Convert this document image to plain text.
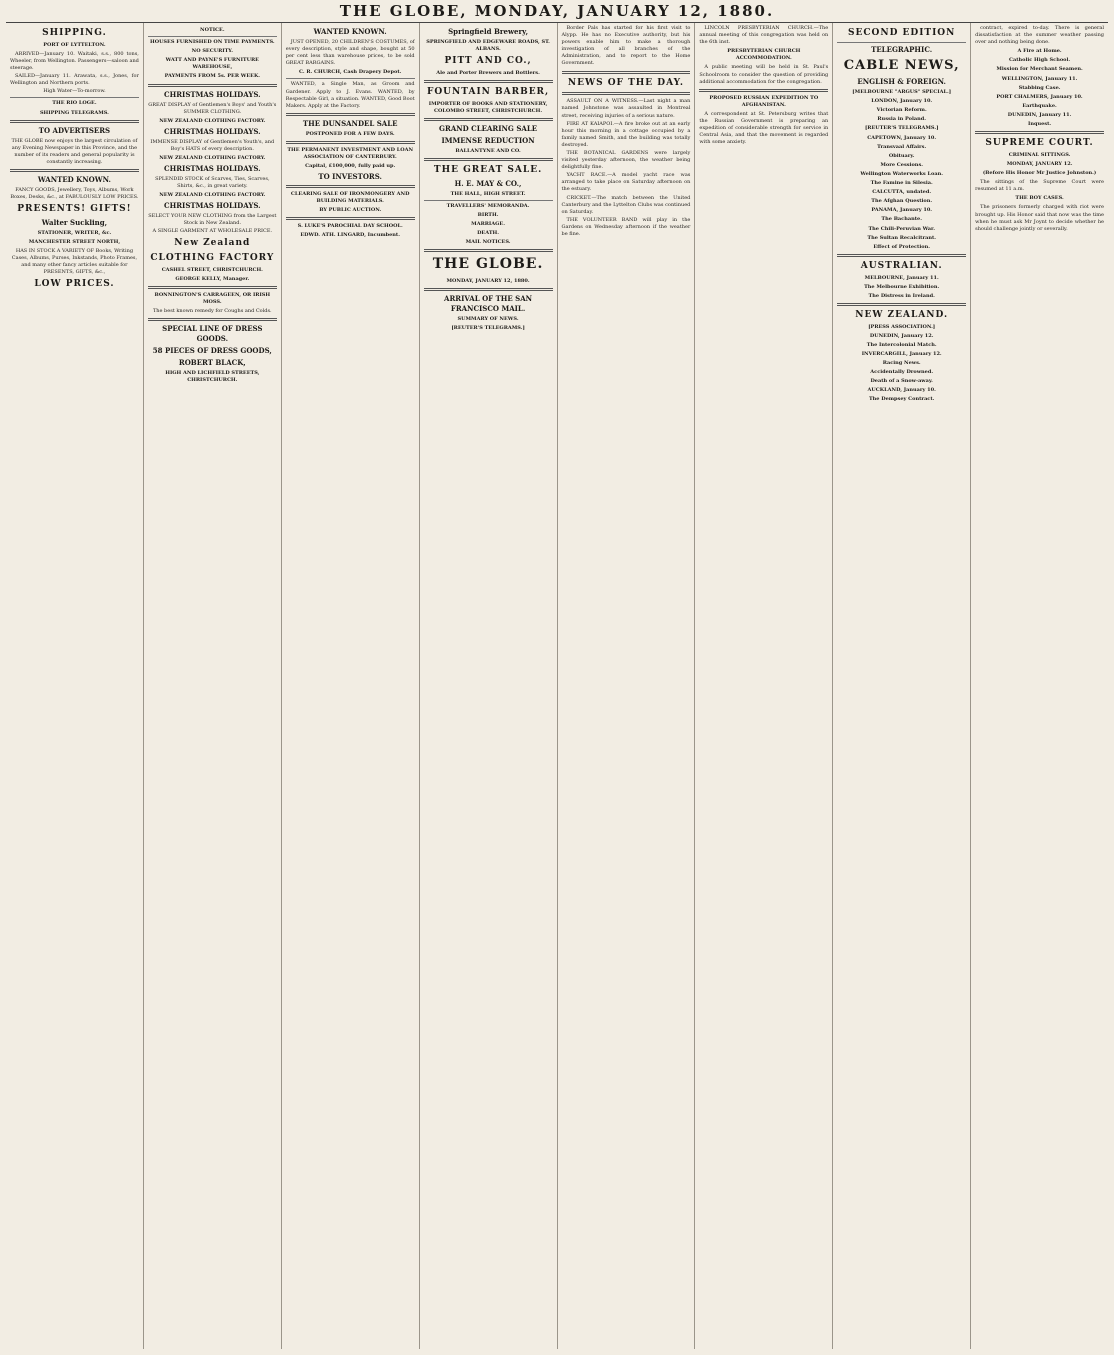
THE GLOBE, MONDAY, JANUARY 12, 1880.
SHIPPING.
PORT OF LYTTELTON.

ARRIVED—January 10. Waitaki, s.s., 800 tons, Wheeler, from Wellington. Passengers—saloon and steerage.

SAILED—January 11. Arawata, s.s., Jones, for Wellington and Northern ports.

High Water—To-morrow.

THE RIO LOGE.
SHIPPING TELEGRAMS.
TO ADVERTISERS

THE GLOBE now enjoys the largest circulation of any Evening Newspaper in this Province, and the number of its readers and general popularity is constantly increasing.

WANTED KNOWN.

FANCY GOODS, Jewellery, Toys, Albums, Work Boxes, Desks, &c., at FABULOUSLY LOW PRICES.

PRESENTS! GIFTS!
Walter Suckling,
STATIONER, WRITER, &c.
MANCHESTER STREET NORTH,

HAS IN STOCK A VARIETY OF Books, Writing Cases, Albums, Purses, Inkstands, Photo Frames, and many other fancy articles suitable for PRESENTS, GIFTS, &c.,

LOW PRICES.
NOTICE.
HOUSES FURNISHED ON TIME PAYMENTS.
NO SECURITY.
WATT AND PAYNE'S FURNITURE WAREHOUSE,
PAYMENTS FROM 5s. PER WEEK.
CHRISTMAS HOLIDAYS.

GREAT DISPLAY of Gentlemen's Boys' and Youth's SUMMER CLOTHING.

NEW ZEALAND CLOTHING FACTORY.
CHRISTMAS HOLIDAYS.

IMMENSE DISPLAY of Gentlemen's Youth's, and Boy's HATS of every description.

NEW ZEALAND CLOTHING FACTORY.
CHRISTMAS HOLIDAYS.

SPLENDID STOCK of Scarves, Ties, Scarves, Shirts, &c., in great variety.

NEW ZEALAND CLOTHING FACTORY.
CHRISTMAS HOLIDAYS.

SELECT YOUR NEW CLOTHING from the Largest Stock in New Zealand.

A SINGLE GARMENT AT WHOLESALE PRICE.

New Zealand
CLOTHING FACTORY
CASHEL STREET, CHRISTCHURCH.
GEORGE KELLY, Manager.
BONNINGTON'S CARRAGEEN, OR IRISH MOSS.

The best known remedy for Coughs and Colds.

SPECIAL LINE OF DRESS GOODS.
58 PIECES OF DRESS GOODS,
ROBERT BLACK,
HIGH AND LICHFIELD STREETS, CHRISTCHURCH.
WANTED KNOWN.

JUST OPENED, 20 CHILDREN'S COSTUMES, of every description, style and shape, bought at 50 per cent less than warehouse prices, to be sold GREAT BARGAINS.

C. R. CHURCH, Cash Drapery Depot.

WANTED, a Single Man, as Groom and Gardener. Apply to J. Evans. WANTED, by Respectable Girl, a situation. WANTED, Good Boot Makers. Apply at the Factory.

THE DUNSANDEL SALE
POSTPONED FOR A FEW DAYS.
THE PERMANENT INVESTMENT AND LOAN ASSOCIATION OF CANTERBURY.
Capital, £100,000, fully paid up.
TO INVESTORS.
CLEARING SALE OF IRONMONGERY AND BUILDING MATERIALS.
BY PUBLIC AUCTION.
S. LUKE'S PAROCHIAL DAY SCHOOL.
EDWD. ATH. LINGARD, Incumbent.
Springfield Brewery,
SPRINGFIELD AND EDGEWARE ROADS, ST. ALBANS.
PITT AND CO.,
Ale and Porter Brewers and Bottlers.
FOUNTAIN BARBER,
IMPORTER OF BOOKS AND STATIONERY, COLOMBO STREET, CHRISTCHURCH.
GRAND CLEARING SALE
IMMENSE REDUCTION
BALLANTYNE AND CO.
THE GREAT SALE.
H. E. MAY & CO.,
THE HALL, HIGH STREET.
TRAVELLERS' MEMORANDA.
BIRTH.
MARRIAGE.
DEATH.
MAIL NOTICES.
THE GLOBE.
MONDAY, JANUARY 12, 1880.
ARRIVAL OF THE SAN FRANCISCO MAIL.
SUMMARY OF NEWS.
[REUTER'S TELEGRAMS.]

Border Pals has started for his first visit to Alypp. He has no Executive authority, but his powers enable him to make a thorough investigation of all branches of the Administration, and to report to the Home Government.

NEWS OF THE DAY.

ASSAULT ON A WITNESS.—Last night a man named Johnstone was assaulted in Montreal street, receiving injuries of a serious nature.

FIRE AT KAIAPOI.—A fire broke out at an early hour this morning in a cottage occupied by a family named Smith, and the building was totally destroyed.

THE BOTANICAL GARDENS were largely visited yesterday afternoon, the weather being delightfully fine.

YACHT RACE.—A model yacht race was arranged to take place on Saturday afternoon on the estuary.

CRICKET.—The match between the United Canterbury and the Lyttelton Clubs was continued on Saturday.

THE VOLUNTEER BAND will play in the Gardens on Wednesday afternoon if the weather be fine.

LINCOLN PRESBYTERIAN CHURCH.—The annual meeting of this congregation was held on the 6th inst.

PRESBYTERIAN CHURCH ACCOMMODATION.

A public meeting will be held in St. Paul's Schoolroom to consider the question of providing additional accommodation for the congregation.

PROPOSED RUSSIAN EXPEDITION TO AFGHANISTAN.

A correspondent at St. Petersburg writes that the Russian Government is preparing an expedition of considerable strength for service in Central Asia, and that the movement is regarded with some anxiety.

SECOND EDITION
TELEGRAPHIC.
CABLE NEWS,
ENGLISH & FOREIGN.
[MELBOURNE "ARGUS" SPECIAL.]
LONDON, January 10.
Victorian Reform.
Russia in Poland.
[REUTER'S TELEGRAMS.]
CAPETOWN, January 10.
Transvaal Affairs.
Obituary.
More Cessions.
Wellington Waterworks Loan.
The Famine in Silesia.
CALCUTTA, undated.
The Afghan Question.
PANAMA, January 10.
The Bachante.
The Chili-Peruvian War.
The Sultan Recalcitrant.
Effect of Protection.
AUSTRALIAN.
MELBOURNE, January 11.
The Melbourne Exhibition.
The Distress in Ireland.
NEW ZEALAND.
[PRESS ASSOCIATION.]
DUNEDIN, January 12.
The Intercolonial Match.
INVERCARGILL, January 12.
Racing News.
Accidentally Drowned.
Death of a Snow-away.
AUCKLAND, January 10.
The Dempsey Contract.

contract, expired to-day. There is general dissatisfaction at the summer weather passing over and nothing being done.

A Fire at Home.
Catholic High School.
Mission for Merchant Seamen.
WELLINGTON, January 11.
Stabbing Case.
PORT CHALMERS, January 10.
Earthquake.
DUNEDIN, January 11.
Inquest.
SUPREME COURT.
CRIMINAL SITTINGS.
MONDAY, JANUARY 12.
(Before His Honor Mr Justice Johnston.)

The sittings of the Supreme Court were resumed at 11 a.m.

THE BOY CASES.

The prisoners formerly charged with riot were brought up. His Honor said that now was the time when he must ask Mr Joynt to decide whether he should challenge jointly or severally.
